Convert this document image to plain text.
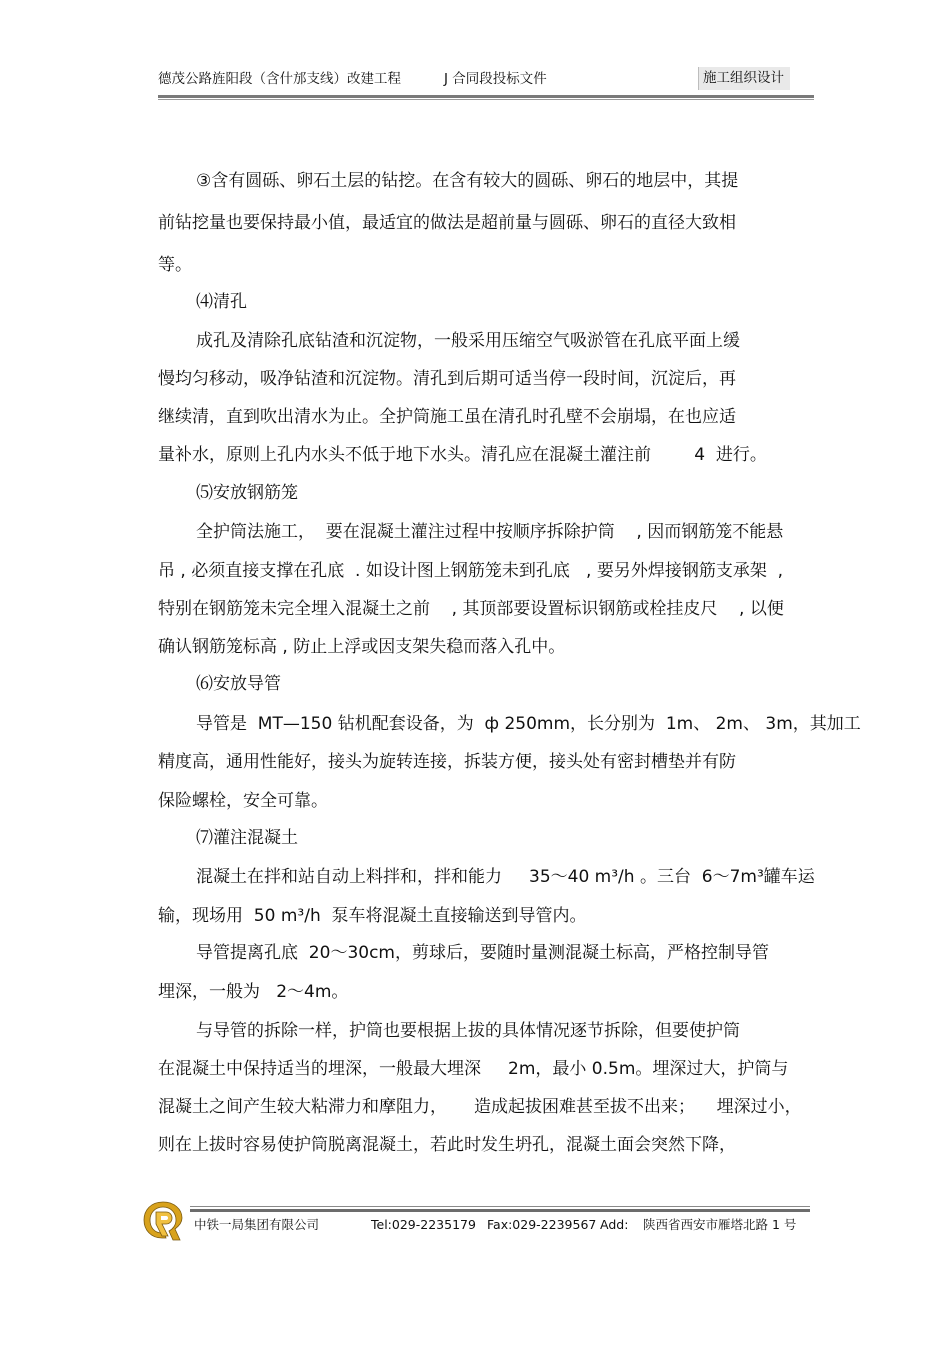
德茂公路旌阳段（含什邡支线）改建工程	J 合同段投标文件	施工组织设计
③含有圆砾、卵石土层的钻挖。在含有较大的圆砾、卵石的地层中，其提
前钻挖量也要保持最小值，最适宜的做法是超前量与圆砾、卵石的直径大致相
等。
⑷清孔
成孔及清除孔底钻渣和沉淀物，一般采用压缩空气吸淤管在孔底平面上缓
慢均匀移动，吸净钻渣和沉淀物。清孔到后期可适当停一段时间，沉淀后，再
继续清，直到吹出清水为止。全护筒施工虽在清孔时孔壁不会崩塌，在也应适
量补水，原则上孔内水头不低于地下水头。清孔应在混凝土灌注前        4  进行。
⑸安放钢筋笼
全护筒法施工，  要在混凝土灌注过程中按顺序拆除护筒    , 因而钢筋笼不能悬
吊 , 必须直接支撑在孔底  . 如设计图上钢筋笼未到孔底   , 要另外焊接钢筋支承架  ,
特别在钢筋笼未完全埋入混凝土之前    , 其顶部要设置标识钢筋或栓挂皮尺    , 以便
确认钢筋笼标高 , 防止上浮或因支架失稳而落入孔中。
⑹安放导管
导管是  MT—150 钻机配套设备，为  ф 250mm，长分别为  1m、 2m、 3m，其加工
精度高，通用性能好，接头为旋转连接，拆装方便，接头处有密封槽垫并有防
保险螺栓，安全可靠。
⑺灌注混凝土
混凝土在拌和站自动上料拌和，拌和能力     35～40 m³/h 。三台  6～7m³罐车运
输，现场用  50 m³/h  泵车将混凝土直接输送到导管内。
导管提离孔底  20～30cm，剪球后，要随时量测混凝土标高，严格控制导管
埋深，一般为   2～4m。
与导管的拆除一样，护筒也要根据上拔的具体情况逐节拆除，但要使护筒
在混凝土中保持适当的埋深，一般最大埋深     2m，最小 0.5m。埋深过大，护筒与
混凝土之间产生较大粘滞力和摩阻力，     造成起拔困难甚至拔不出来；    埋深过小，
则在上拔时容易使护筒脱离混凝土，若此时发生坍孔，混凝土面会突然下降，
中铁一局集团有限公司	Tel:029-2235179 Fax:029-2239567 Add: 陕西省西安市雁塔北路 1 号
